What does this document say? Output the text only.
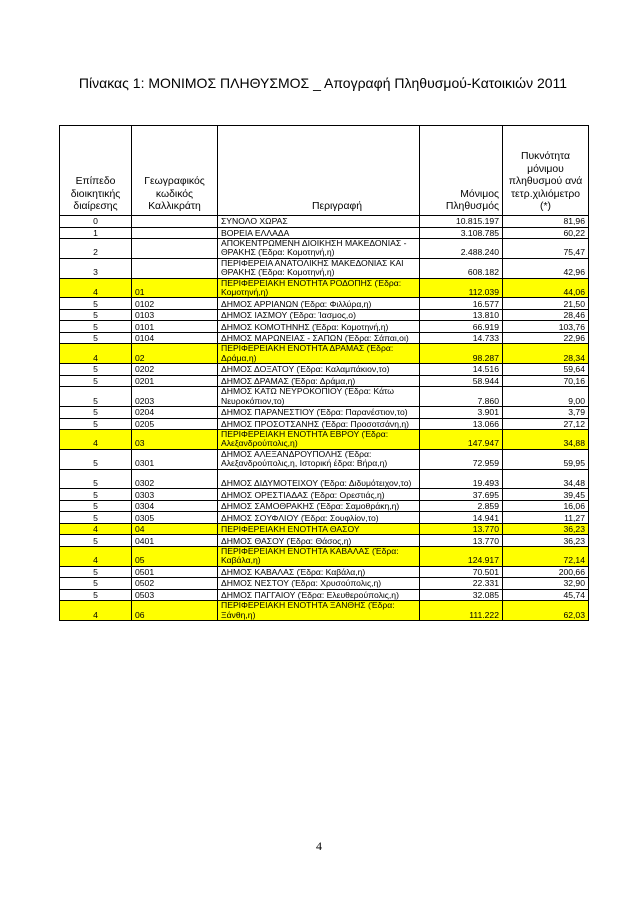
Πίνακας 1: ΜΟΝΙΜΟΣ ΠΛΗΘΥΣΜΟΣ _ Απογραφή Πληθυσμού-Κατοικιών 2011
Επίπεδο διοικητικής διαίρεσης	Γεωγραφικός κωδικός Καλλικράτη	Περιγραφή	Μόνιμος Πληθυσμός	Πυκνότητα μόνιμου πληθυσμού ανά τετρ.χιλιόμετρο (*)
0		ΣΥΝΟΛΟ ΧΩΡΑΣ	10.815.197	81,96
1		ΒΟΡΕΙΑ ΕΛΛΑΔΑ	3.108.785	60,22
2		ΑΠΟΚΕΝΤΡΩΜΕΝΗ ΔΙΟΙΚΗΣΗ ΜΑΚΕΔΟΝΙΑΣ - ΘΡΑΚΗΣ (Έδρα: Κομοτηνή,η)	2.488.240	75,47
3		ΠΕΡΙΦΕΡΕΙΑ ΑΝΑΤΟΛΙΚΗΣ ΜΑΚΕΔΟΝΙΑΣ ΚΑΙ ΘΡΑΚΗΣ (Έδρα: Κομοτηνή,η)	608.182	42,96
4	01	ΠΕΡΙΦΕΡΕΙΑΚΗ ΕΝΟΤΗΤΑ ΡΟΔΟΠΗΣ (Έδρα: Κομοτηνή,η)	112.039	44,06
5	0102	ΔΗΜΟΣ ΑΡΡΙΑΝΩΝ (Έδρα: Φιλλύρα,η)	16.577	21,50
5	0103	ΔΗΜΟΣ ΙΑΣΜΟΥ (Έδρα: Ίασμος,ο)	13.810	28,46
5	0101	ΔΗΜΟΣ ΚΟΜΟΤΗΝΗΣ (Έδρα: Κομοτηνή,η)	66.919	103,76
5	0104	ΔΗΜΟΣ ΜΑΡΩΝΕΙΑΣ - ΣΑΠΩΝ (Έδρα: Σάπαι,οι)	14.733	22,96
4	02	ΠΕΡΙΦΕΡΕΙΑΚΗ ΕΝΟΤΗΤΑ ΔΡΑΜΑΣ (Έδρα: Δράμα,η)	98.287	28,34
5	0202	ΔΗΜΟΣ ΔΟΞΑΤΟΥ (Έδρα: Καλαμπάκιον,το)	14.516	59,64
5	0201	ΔΗΜΟΣ ΔΡΑΜΑΣ (Έδρα: Δράμα,η)	58.944	70,16
5	0203	ΔΗΜΟΣ ΚΑΤΩ ΝΕΥΡΟΚΟΠΙΟΥ (Έδρα: Κάτω Νευροκόπιον,το)	7.860	9,00
5	0204	ΔΗΜΟΣ ΠΑΡΑΝΕΣΤΙΟΥ (Έδρα: Παρανέστιον,το)	3.901	3,79
5	0205	ΔΗΜΟΣ ΠΡΟΣΟΤΣΑΝΗΣ (Έδρα: Προσοτσάνη,η)	13.066	27,12
4	03	ΠΕΡΙΦΕΡΕΙΑΚΗ ΕΝΟΤΗΤΑ ΕΒΡΟΥ (Έδρα: Αλεξανδρούπολις,η)	147.947	34,88
5	0301	ΔΗΜΟΣ ΑΛΕΞΑΝΔΡΟΥΠΟΛΗΣ (Έδρα: Αλεξανδρούπολις,η, Ιστορική έδρα: Βήρα,η)	72.959	59,95
5	0302	ΔΗΜΟΣ ΔΙΔΥΜΟΤΕΙΧΟΥ (Έδρα: Διδυμότειχον,το)	19.493	34,48
5	0303	ΔΗΜΟΣ ΟΡΕΣΤΙΑΔΑΣ (Έδρα: Ορεστιάς,η)	37.695	39,45
5	0304	ΔΗΜΟΣ ΣΑΜΟΘΡΑΚΗΣ (Έδρα: Σαμοθράκη,η)	2.859	16,06
5	0305	ΔΗΜΟΣ ΣΟΥΦΛΙΟΥ (Έδρα: Σουφλίον,το)	14.941	11,27
4	04	ΠΕΡΙΦΕΡΕΙΑΚΗ ΕΝΟΤΗΤΑ ΘΑΣΟΥ	13.770	36,23
5	0401	ΔΗΜΟΣ ΘΑΣΟΥ (Έδρα: Θάσος,η)	13.770	36,23
4	05	ΠΕΡΙΦΕΡΕΙΑΚΗ ΕΝΟΤΗΤΑ ΚΑΒΑΛΑΣ (Έδρα: Καβάλα,η)	124.917	72,14
5	0501	ΔΗΜΟΣ ΚΑΒΑΛΑΣ (Έδρα: Καβάλα,η)	70.501	200,66
5	0502	ΔΗΜΟΣ ΝΕΣΤΟΥ (Έδρα: Χρυσούπολις,η)	22.331	32,90
5	0503	ΔΗΜΟΣ ΠΑΓΓΑΙΟΥ (Έδρα: Ελευθερούπολις,η)	32.085	45,74
4	06	ΠΕΡΙΦΕΡΕΙΑΚΗ ΕΝΟΤΗΤΑ ΞΑΝΘΗΣ (Έδρα: Ξάνθη,η)	111.222	62,03
4
